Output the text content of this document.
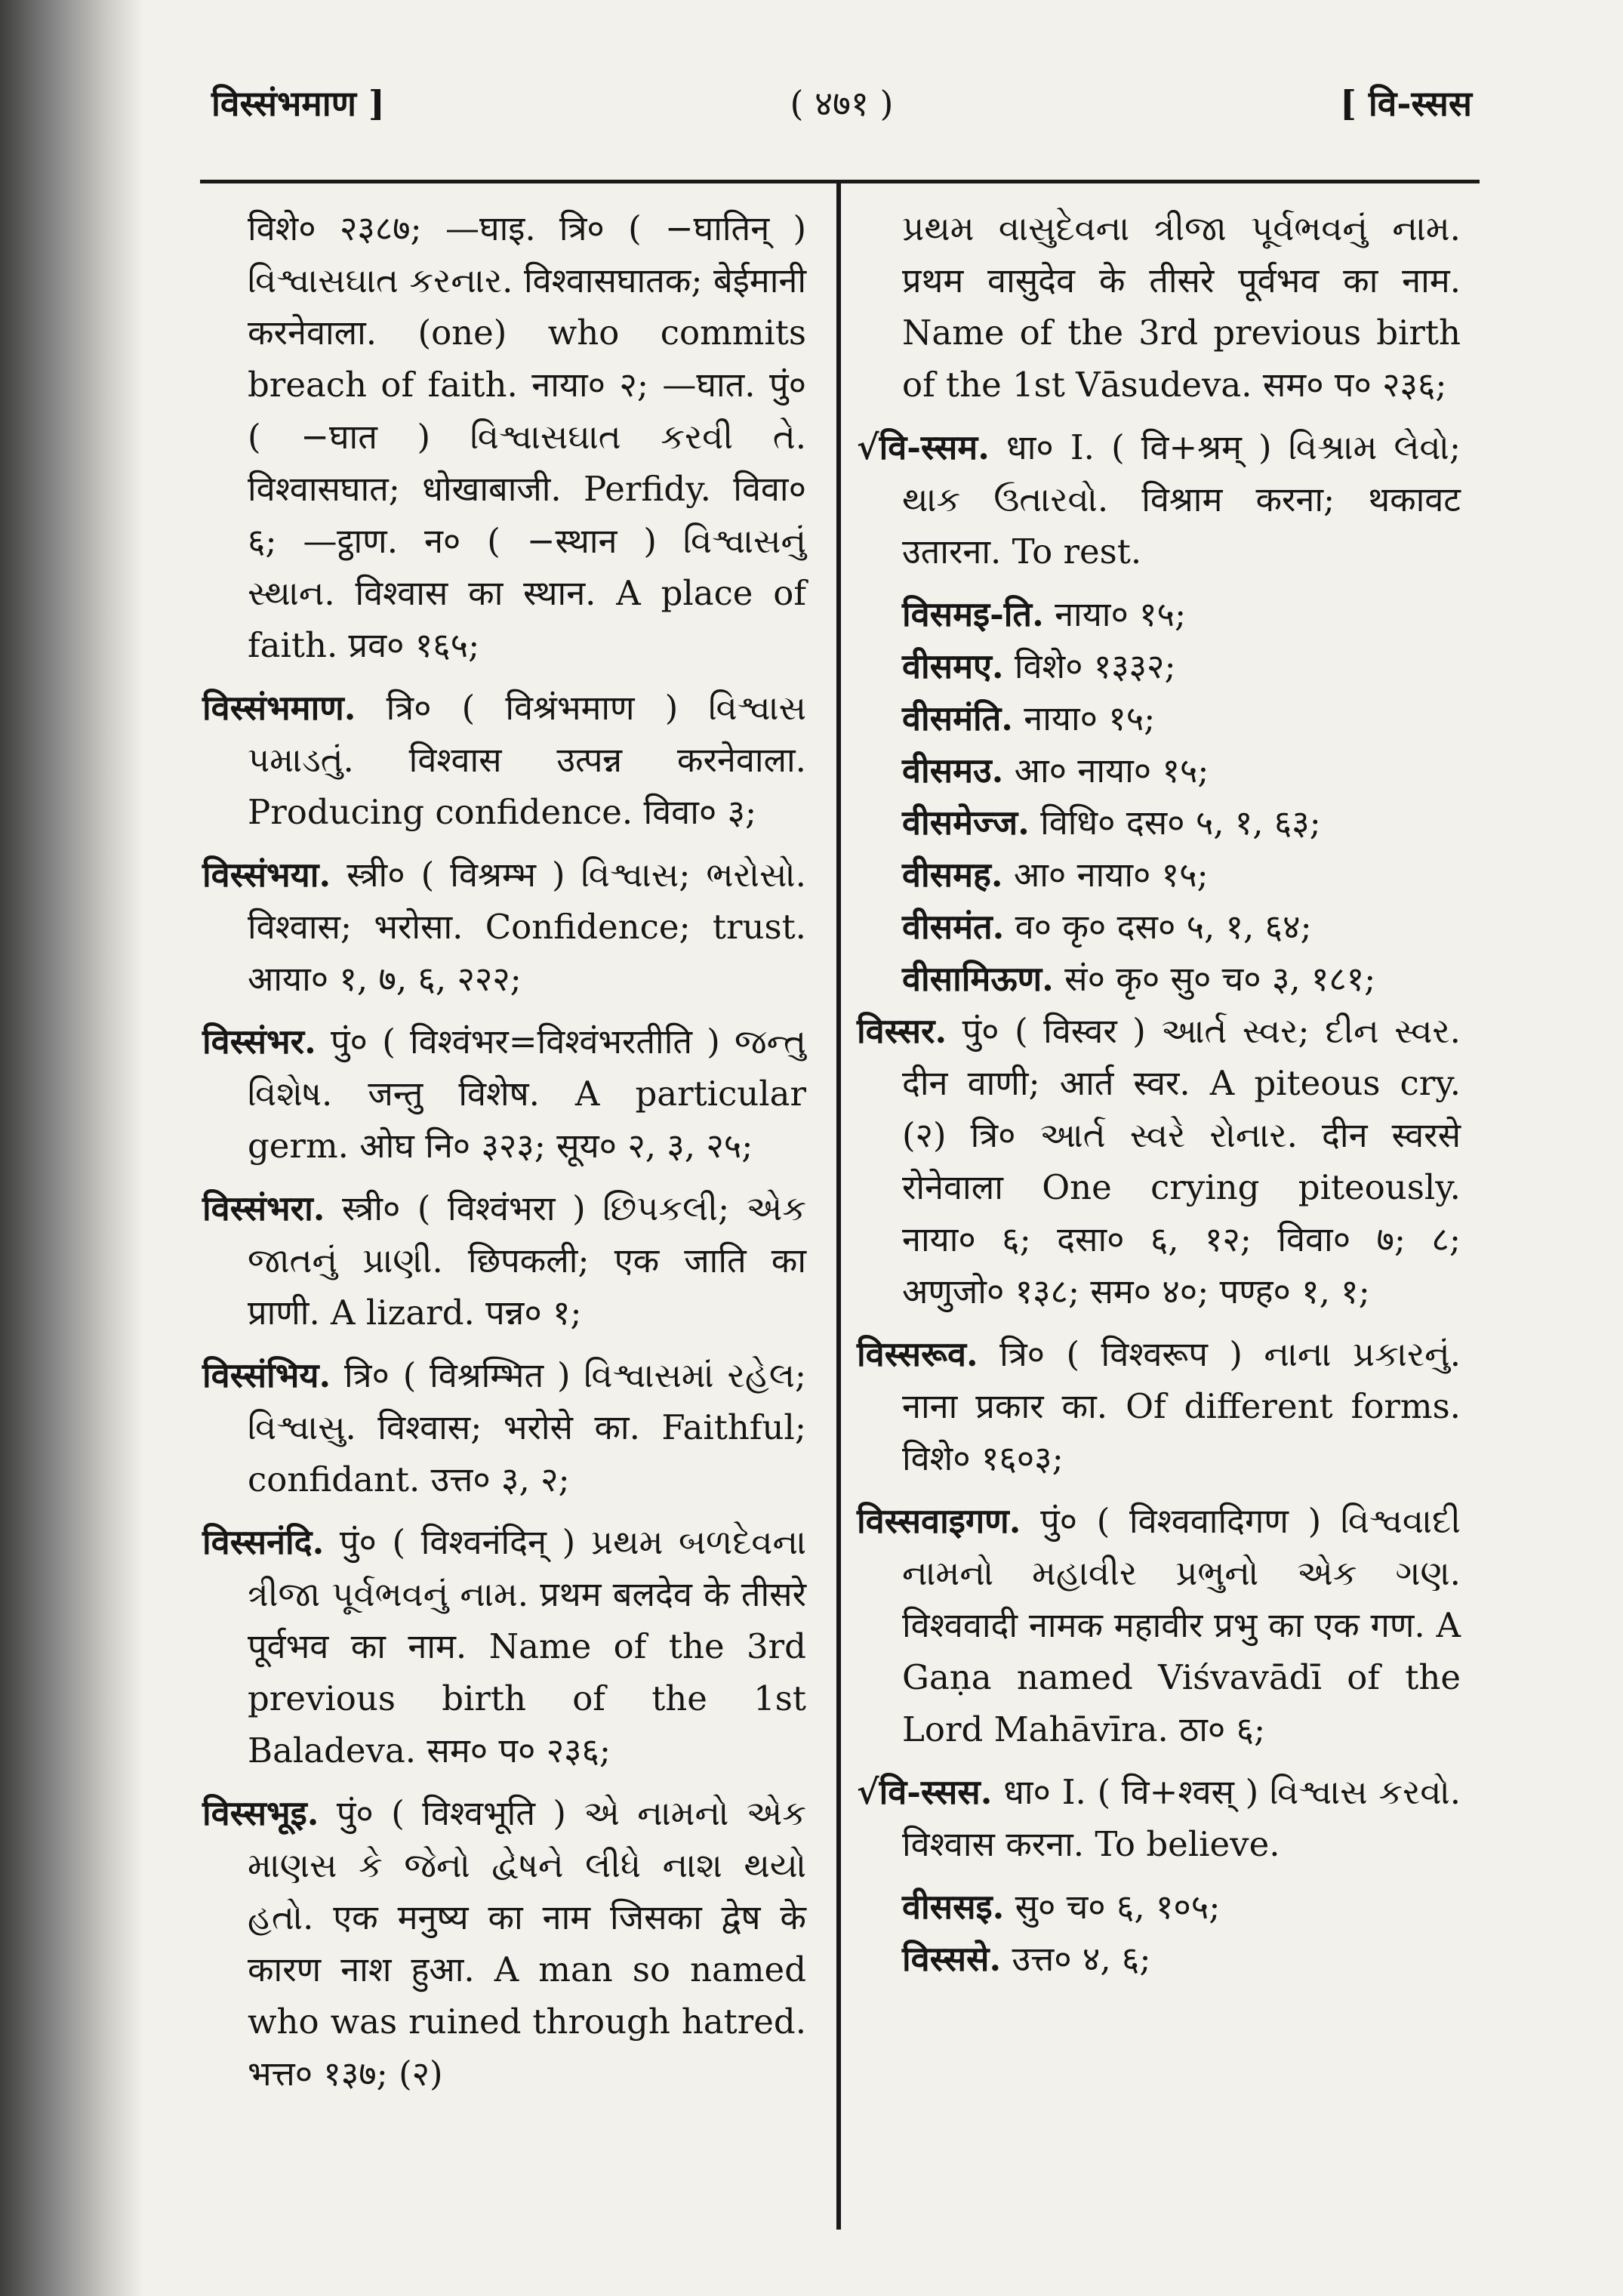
विस्संभमाण ]	( ४७१ )	[ वि-स्सस
विशे० २३८७; —घाइ. त्रि० ( −घातिन् ) વિશ્વાસઘાત કરનાર. विश्वासघातक; बेईमानी करनेवाला. (one) who commits breach of faith. नाया० २; —घात. पुं० ( −घात ) વિશ્વાસઘાત કરવી તે. विश्वासघात; धोखाबाजी. Perfidy. विवा० ६; —ट्ठाण. न० ( −स्थान ) વિશ્વાસનું સ્થાન. विश्वास का स्थान. A place of faith. प्रव० १६५;
विस्संभमाण. त्रि० ( विश्रंभमाण ) વિશ્વાસ પમાડતું. विश्वास उत्पन्न करनेवाला. Producing confidence. विवा० ३;
विस्संभया. स्त्री० ( विश्रम्भ ) વિશ્વાસ; ભરોસો. विश्वास; भरोसा. Confidence; trust. आया० १, ७, ६, २२२;
विस्संभर. पुं० ( विश्वंभर=विश्वंभरतीति ) જન્તુ વિશેષ. जन्तु विशेष. A particular germ. ओघ नि० ३२३; सूय० २, ३, २५;
विस्संभरा. स्त्री० ( विश्वंभरा ) છિપકલી; એક જાતનું પ્રાણી. छिपकली; एक जाति का प्राणी. A lizard. पन्न० १;
विस्संभिय. त्रि० ( विश्रम्भित ) વિશ્વાસમાં રહેલ; વિશ્વાસુ. विश्वास; भरोसे का. Faithful; confidant. उत्त० ३, २;
विस्सनंदि. पुं० ( विश्वनंदिन् ) પ્રથમ બળદેવના ત્રીજા પૂર્વભવનું નામ. प्रथम बलदेव के तीसरे पूर्वभव का नाम. Name of the 3rd previous birth of the 1st Baladeva. सम० प० २३६;
विस्सभूइ. पुं० ( विश्वभूति ) એ નામનો એક માણસ કે જેનો દ્વેષને લીધે નાશ થયો હતો. एक मनुष्य का नाम जिसका द्वेष के कारण नाश हुआ. A man so named who was ruined through hatred. भत्त० १३७; (२)
પ્રથમ વાસુદેવના ત્રીજા પૂર્વભવનું નામ. प्रथम वासुदेव के तीसरे पूर्वभव का नाम. Name of the 3rd previous birth of the 1st Vāsudeva. सम० प० २३६;
√वि-स्सम. धा० I. ( वि+श्रम् ) વિશ્રામ લેવો; થાક ઉતારવો. विश्राम करना; थकावट उतारना. To rest.
विसमइ-ति. नाया० १५;
वीसमए. विशे० १३३२;
वीसमंति. नाया० १५;
वीसमउ. आ० नाया० १५;
वीसमेज्ज. विधि० दस० ५, १, ६३;
वीसमह. आ० नाया० १५;
वीसमंत. व० कृ० दस० ५, १, ६४;
वीसामिऊण. सं० कृ० सु० च० ३, १८१;
विस्सर. पुं० ( विस्वर ) આર્ત સ્વર; દીન સ્વર. दीन वाणी; आर्त स्वर. A piteous cry. (२) त्रि० આર્ત સ્વરે રોનાર. दीन स्वरसे रोनेवाला One crying piteously. नाया० ६; दसा० ६, १२; विवा० ७; ८; अणुजो० १३८; सम० ४०; पण्ह० १, १;
विस्सरूव. त्रि० ( विश्वरूप ) નાના પ્રકારનું. नाना प्रकार का. Of different forms. विशे० १६०३;
विस्सवाइगण. पुं० ( विश्ववादिगण ) વિશ્વવાદી નામનો મહાવીર પ્રભુનો એક ગણ. विश्ववादी नामक महावीर प्रभु का एक गण. A Gaṇa named Viśvavādī of the Lord Mahāvīra. ठा० ६;
√वि-स्सस. धा० I. ( वि+श्वस् ) વિશ્વાસ કરવો. विश्वास करना. To believe.
वीससइ. सु० च० ६, १०५;
विस्ससे. उत्त० ४, ६;
